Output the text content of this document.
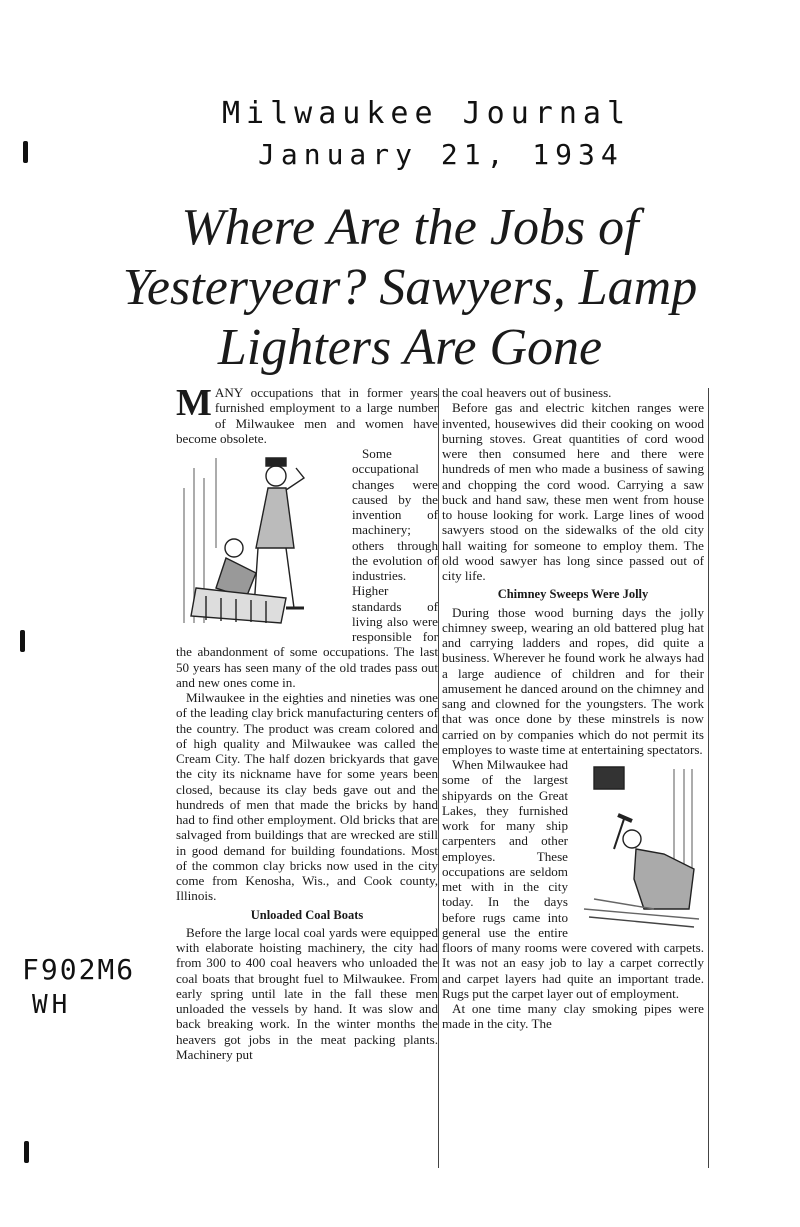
Milwaukee Journal
January 21, 1934
F902M6
WH
Where Are the Jobs of Yesteryear? Sawyers, Lamp Lighters Are Gone

MANY occupations that in former years furnished employment to a large number of Milwaukee men and women have become obsolete.

Some occupational changes were caused by the invention of machinery; others through the evolution of industries. Higher standards of living also were responsible for the abandonment of some occupations. The last 50 years has seen many of the old trades pass out and new ones come in.

Milwaukee in the eighties and nineties was one of the leading clay brick manufacturing centers of the country. The product was cream colored and of high quality and Milwaukee was called the Cream City. The half dozen brickyards that gave the city its nickname have for some years been closed, because its clay beds gave out and the hundreds of men that made the bricks by hand had to find other employment. Old bricks that are salvaged from buildings that are wrecked are still in good demand for building foundations. Most of the common clay bricks now used in the city come from Kenosha, Wis., and Cook county, Illinois.

Unloaded Coal Boats

Before the large local coal yards were equipped with elaborate hoisting machinery, the city had from 300 to 400 coal heavers who unloaded the coal boats that brought fuel to Milwaukee. From early spring until late in the fall these men unloaded the vessels by hand. It was slow and back breaking work. In the winter months the heavers got jobs in the meat packing plants. Machinery put

the coal heavers out of business.

Before gas and electric kitchen ranges were invented, housewives did their cooking on wood burning stoves. Great quantities of cord wood were then consumed here and there were hundreds of men who made a business of sawing and chopping the cord wood. Carrying a saw buck and hand saw, these men went from house to house looking for work. Large lines of wood sawyers stood on the sidewalks of the old city hall waiting for someone to employ them. The old wood sawyer has long since passed out of city life.

Chimney Sweeps Were Jolly

During those wood burning days the jolly chimney sweep, wearing an old battered plug hat and carrying ladders and ropes, did quite a business. Wherever he found work he always had a large audience of children and for their amusement he danced around on the chimney and sang and clowned for the youngsters. The work that was once done by these minstrels is now carried on by companies which do not permit its employes to waste time at entertaining spectators.

When Milwaukee had some of the largest shipyards on the Great Lakes, they furnished work for many ship carpenters and other employes. These occupations are seldom met with in the city today. In the days before rugs came into general use the entire floors of many rooms were covered with carpets. It was not an easy job to lay a carpet correctly and carpet layers had quite an important trade. Rugs put the carpet layer out of employment.

At one time many clay smoking pipes were made in the city. The
